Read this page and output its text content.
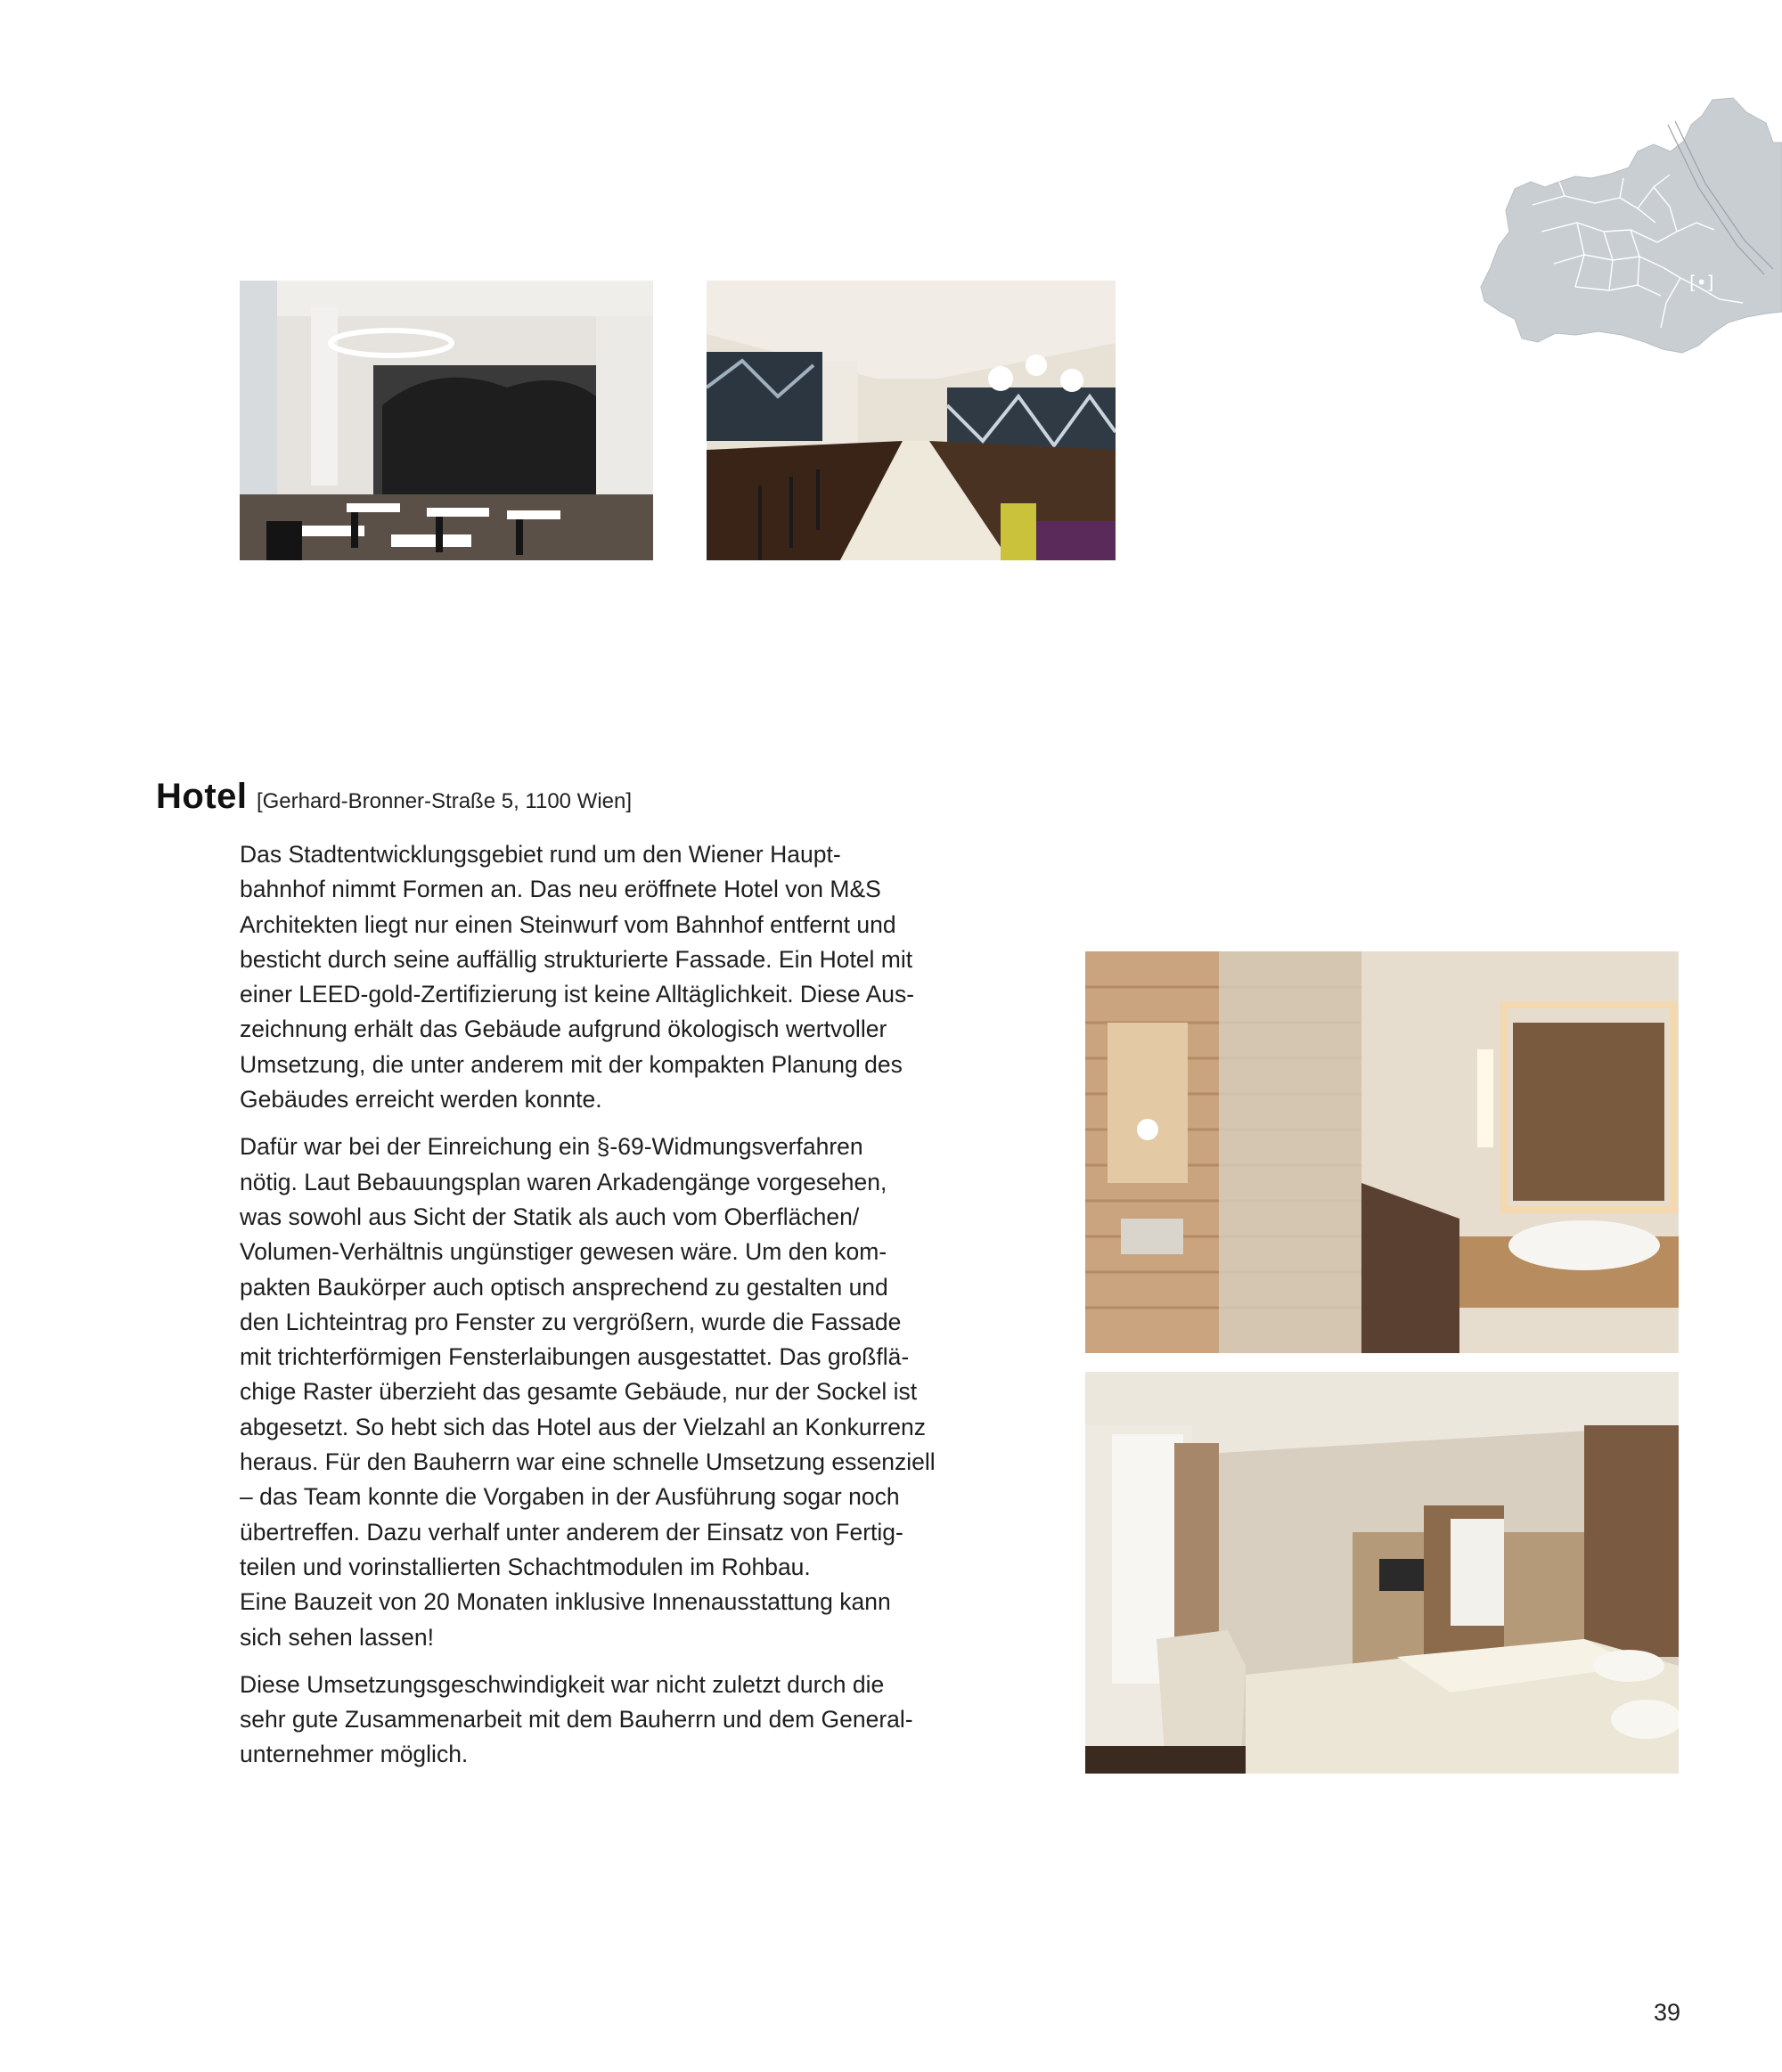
[•]
Hotel [Gerhard-Bronner-Straße 5, 1100 Wien]

Das Stadtentwicklungsgebiet rund um den Wiener Haupt-
bahnhof nimmt Formen an. Das neu eröffnete Hotel von M&S
Architekten liegt nur einen Steinwurf vom Bahnhof entfernt und
besticht durch seine auffällig strukturierte Fassade. Ein Hotel mit
einer LEED-gold-Zertifizierung ist keine Alltäglichkeit. Diese Aus-
zeichnung erhält das Gebäude aufgrund ökologisch wertvoller
Umsetzung, die unter anderem mit der kompakten Planung des
Gebäudes erreicht werden konnte.

Dafür war bei der Einreichung ein §-69-Widmungsverfahren
nötig. Laut Bebauungsplan waren Arkadengänge vorgesehen,
was sowohl aus Sicht der Statik als auch vom Oberflächen/
Volumen-Verhältnis ungünstiger gewesen wäre. Um den kom-
pakten Baukörper auch optisch ansprechend zu gestalten und
den Lichteintrag pro Fenster zu vergrößern, wurde die Fassade
mit trichterförmigen Fensterlaibungen ausgestattet. Das großflä-
chige Raster überzieht das gesamte Gebäude, nur der Sockel ist
abgesetzt. So hebt sich das Hotel aus der Vielzahl an Konkurrenz
heraus. Für den Bauherrn war eine schnelle Umsetzung essenziell
– das Team konnte die Vorgaben in der Ausführung sogar noch
übertreffen. Dazu verhalf unter anderem der Einsatz von Fertig-
teilen und vorinstallierten Schachtmodulen im Rohbau.
Eine Bauzeit von 20 Monaten inklusive Innenausstattung kann
sich sehen lassen!

Diese Umsetzungsgeschwindigkeit war nicht zuletzt durch die
sehr gute Zusammenarbeit mit dem Bauherrn und dem General-
unternehmer möglich.

39
